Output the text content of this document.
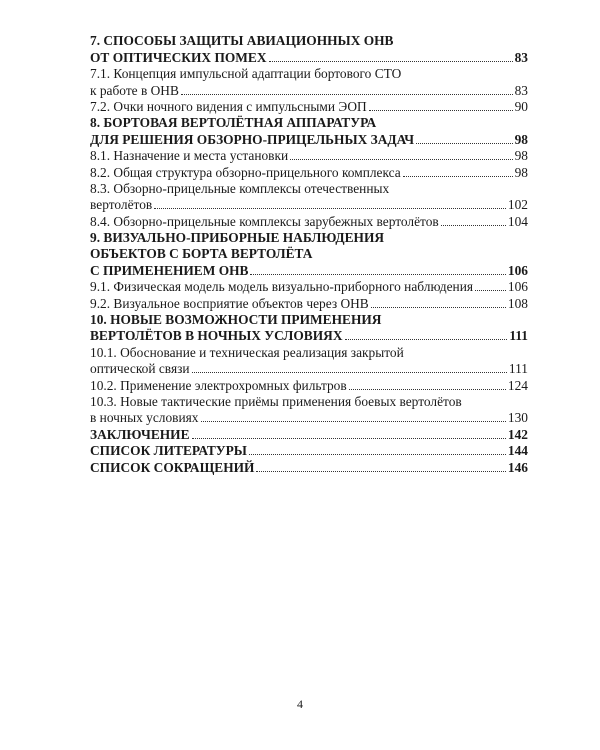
7. СПОСОБЫ ЗАЩИТЫ АВИАЦИОННЫХ ОНВ
ОТ ОПТИЧЕСКИХ ПОМЕХ	83
7.1. Концепция импульсной адаптации бортового СТО
к работе в ОНВ	83
7.2. Очки ночного видения с импульсными ЭОП	90
8. БОРТОВАЯ ВЕРТОЛЁТНАЯ АППАРАТУРА
ДЛЯ РЕШЕНИЯ ОБЗОРНО-ПРИЦЕЛЬНЫХ ЗАДАЧ	98
8.1. Назначение и места установки	98
8.2. Общая структура обзорно-прицельного комплекса	98
8.3. Обзорно-прицельные комплексы отечественных
вертолётов	102
8.4. Обзорно-прицельные комплексы зарубежных вертолётов	104
9. ВИЗУАЛЬНО-ПРИБОРНЫЕ НАБЛЮДЕНИЯ
ОБЪЕКТОВ С БОРТА ВЕРТОЛЁТА
С ПРИМЕНЕНИЕМ ОНВ	106
9.1. Физическая модель модель визуально-приборного наблюдения	106
9.2. Визуальное восприятие объектов через ОНВ	108
10. НОВЫЕ ВОЗМОЖНОСТИ ПРИМЕНЕНИЯ
ВЕРТОЛЁТОВ В НОЧНЫХ УСЛОВИЯХ	111
10.1. Обоснование и техническая реализация закрытой
оптической связи	111
10.2. Применение электрохромных фильтров	124
10.3. Новые тактические приёмы применения боевых вертолётов
в ночных условиях	130
ЗАКЛЮЧЕНИЕ	142
СПИСОК ЛИТЕРАТУРЫ	144
СПИСОК СОКРАЩЕНИЙ	146
4
